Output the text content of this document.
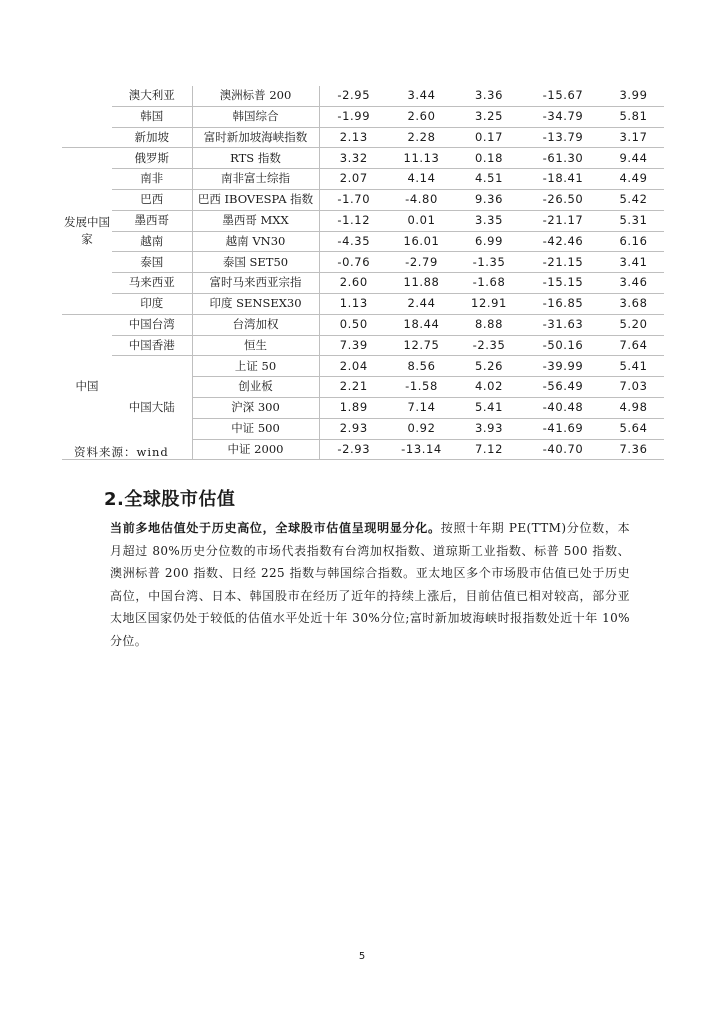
	澳大利亚	澳洲标普 200	-2.95	3.44	3.36	-15.67	3.99
	韩国	韩国综合	-1.99	2.60	3.25	-34.79	5.81
	新加坡	富时新加坡海峡指数	2.13	2.28	0.17	-13.79	3.17
发展中国家	俄罗斯	RTS 指数	3.32	11.13	0.18	-61.30	9.44
	南非	南非富士综指	2.07	4.14	4.51	-18.41	4.49
	巴西	巴西 IBOVESPA 指数	-1.70	-4.80	9.36	-26.50	5.42
	墨西哥	墨西哥 MXX	-1.12	0.01	3.35	-21.17	5.31
	越南	越南 VN30	-4.35	16.01	6.99	-42.46	6.16
	泰国	泰国 SET50	-0.76	-2.79	-1.35	-21.15	3.41
	马来西亚	富时马来西亚宗指	2.60	11.88	-1.68	-15.15	3.46
	印度	印度 SENSEX30	1.13	2.44	12.91	-16.85	3.68
中国	中国台湾	台湾加权	0.50	18.44	8.88	-31.63	5.20
	中国香港	恒生	7.39	12.75	-2.35	-50.16	7.64
	中国大陆	上证 50	2.04	8.56	5.26	-39.99	5.41
		创业板	2.21	-1.58	4.02	-56.49	7.03
		沪深 300	1.89	7.14	5.41	-40.48	4.98
		中证 500	2.93	0.92	3.93	-41.69	5.64
		中证 2000	-2.93	-13.14	7.12	-40.70	7.36
资料来源：wind
2.全球股市估值
当前多地估值处于历史高位，全球股市估值呈现明显分化。按照十年期 PE(TTM)分位数，本月超过 80%历史分位数的市场代表指数有台湾加权指数、道琼斯工业指数、标普 500 指数、澳洲标普 200 指数、日经 225 指数与韩国综合指数。亚太地区多个市场股市估值已处于历史高位，中国台湾、日本、韩国股市在经历了近年的持续上涨后，目前估值已相对较高，部分亚太地区国家仍处于较低的估值水平处近十年 30%分位;富时新加坡海峡时报指数处近十年 10%分位。
5
